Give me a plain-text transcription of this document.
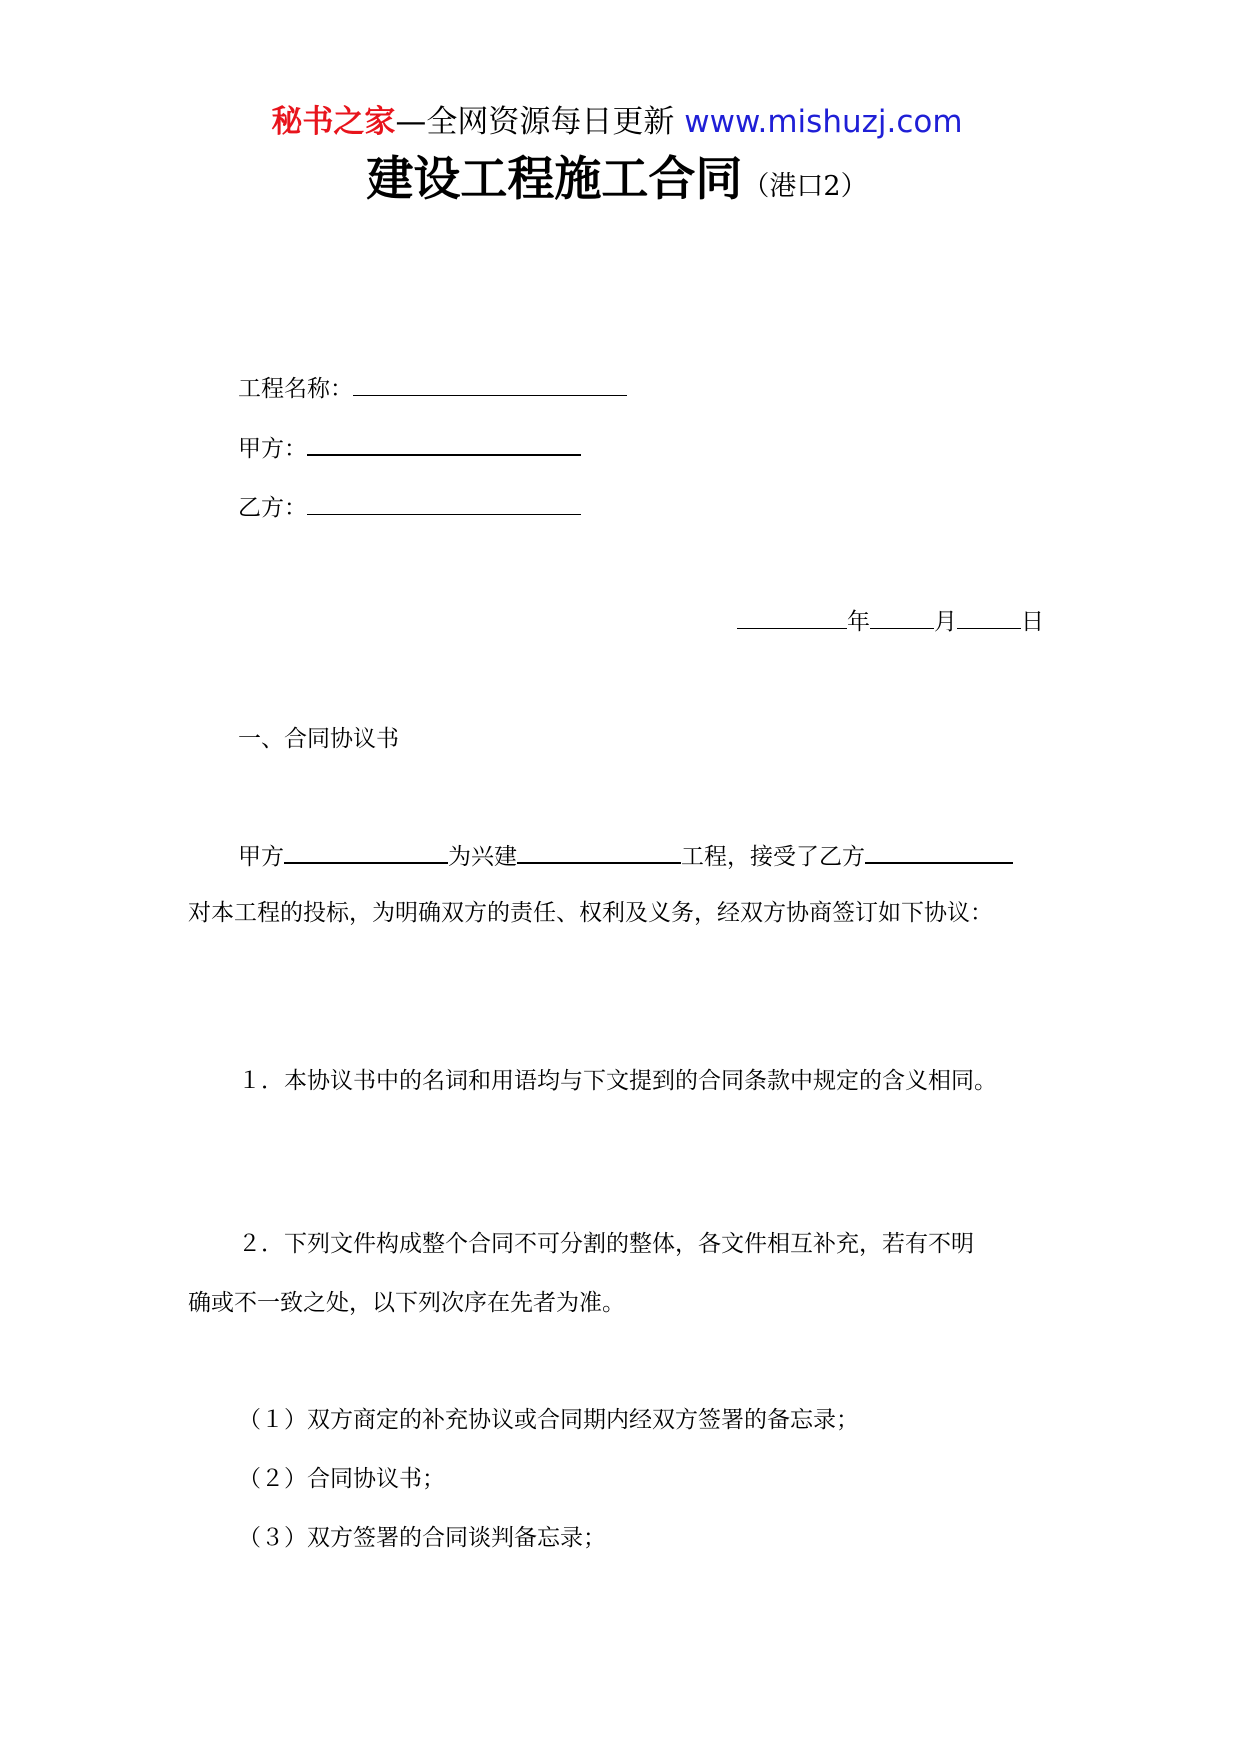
秘书之家—全网资源每日更新 www.mishuzj.com
建设工程施工合同（港口2）
工程名称：
甲方：
乙方：
年	月	日
一、合同协议书
甲方	为兴建	工程，接受了乙方
对本工程的投标，为明确双方的责任、权利及义务，经双方协商签订如下协议：
１．本协议书中的名词和用语均与下文提到的合同条款中规定的含义相同。
２．下列文件构成整个合同不可分割的整体，各文件相互补充，若有不明
确或不一致之处，以下列次序在先者为准。
（１）双方商定的补充协议或合同期内经双方签署的备忘录；
（２）合同协议书；
（３）双方签署的合同谈判备忘录；
